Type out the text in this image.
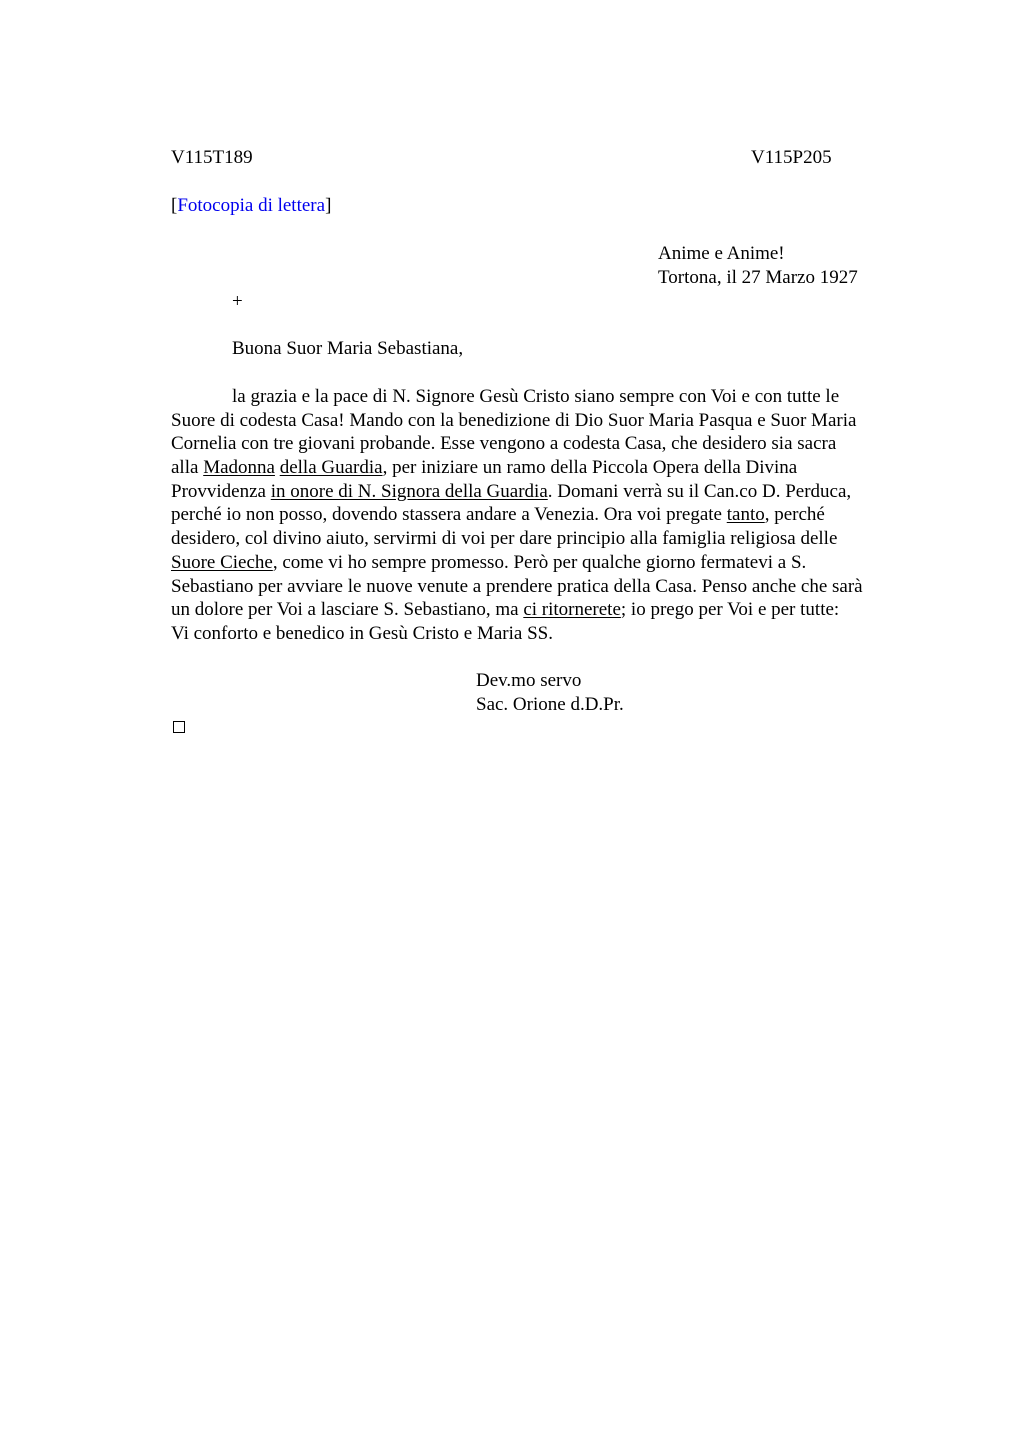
V115T189	V115P205
[Fotocopia di lettera]
Anime e Anime!
Tortona, il 27 Marzo 1927
+
Buona Suor Maria Sebastiana,
la grazia e la pace di N. Signore Gesù Cristo siano sempre con Voi e con tutte le
Suore di codesta Casa! Mando con la benedizione di Dio Suor Maria Pasqua e Suor Maria
Cornelia con tre giovani probande. Esse vengono a codesta Casa, che desidero sia sacra
alla Madonna della Guardia, per iniziare un ramo della Piccola Opera della Divina
Provvidenza in onore di N. Signora della Guardia. Domani verrà su il Can.co D. Perduca,
perché io non posso, dovendo stassera andare a Venezia. Ora voi pregate tanto, perché
desidero, col divino aiuto, servirmi di voi per dare principio alla famiglia religiosa delle
Suore Cieche, come vi ho sempre promesso. Però per qualche giorno fermatevi a S.
Sebastiano per avviare le nuove venute a prendere pratica della Casa. Penso anche che sarà
un dolore per Voi a lasciare S. Sebastiano, ma ci ritornerete; io prego per Voi e per tutte:
Vi conforto e benedico in Gesù Cristo e Maria SS.
Dev.mo servo
Sac. Orione d.D.Pr.
